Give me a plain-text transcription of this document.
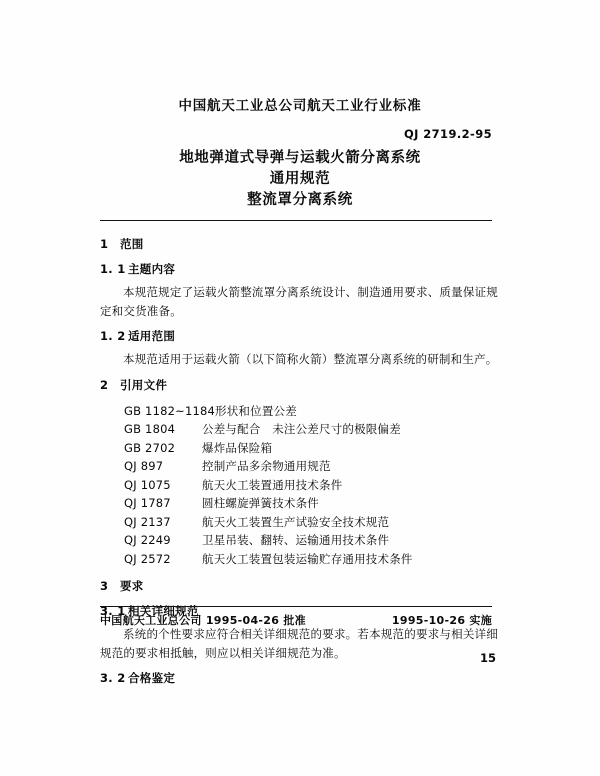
中国航天工业总公司航天工业行业标准
QJ 2719.2-95
地地弹道式导弹与运载火箭分离系统
通用规范
整流罩分离系统
1 范围
1. 1 主题内容

本规范规定了运载火箭整流罩分离系统设计、制造通用要求、质量保证规定和交货准备。

1. 2 适用范围

本规范适用于运载火箭（以下简称火箭）整流罩分离系统的研制和生产。

2 引用文件
GB 1182~1184形状和位置公差
GB 1804 公差与配合　未注公差尺寸的极限偏差
GB 2702 爆炸品保险箱
QJ 897	控制产品多余物通用规范
QJ 1075	航天火工装置通用技术条件
QJ 1787	圆柱螺旋弹簧技术条件
QJ 2137	航天火工装置生产试验安全技术规范
QJ 2249	卫星吊装、翻转、运输通用技术条件
QJ 2572	航天火工装置包装运输贮存通用技术条件
3 要求
3. 1 相关详细规范

系统的个性要求应符合相关详细规范的要求。若本规范的要求与相关详细规范的要求相抵触，则应以相关详细规范为准。

3. 2 合格鉴定
中国航天工业总公司 1995-04-26 批准	1995-10-26 实施
15
